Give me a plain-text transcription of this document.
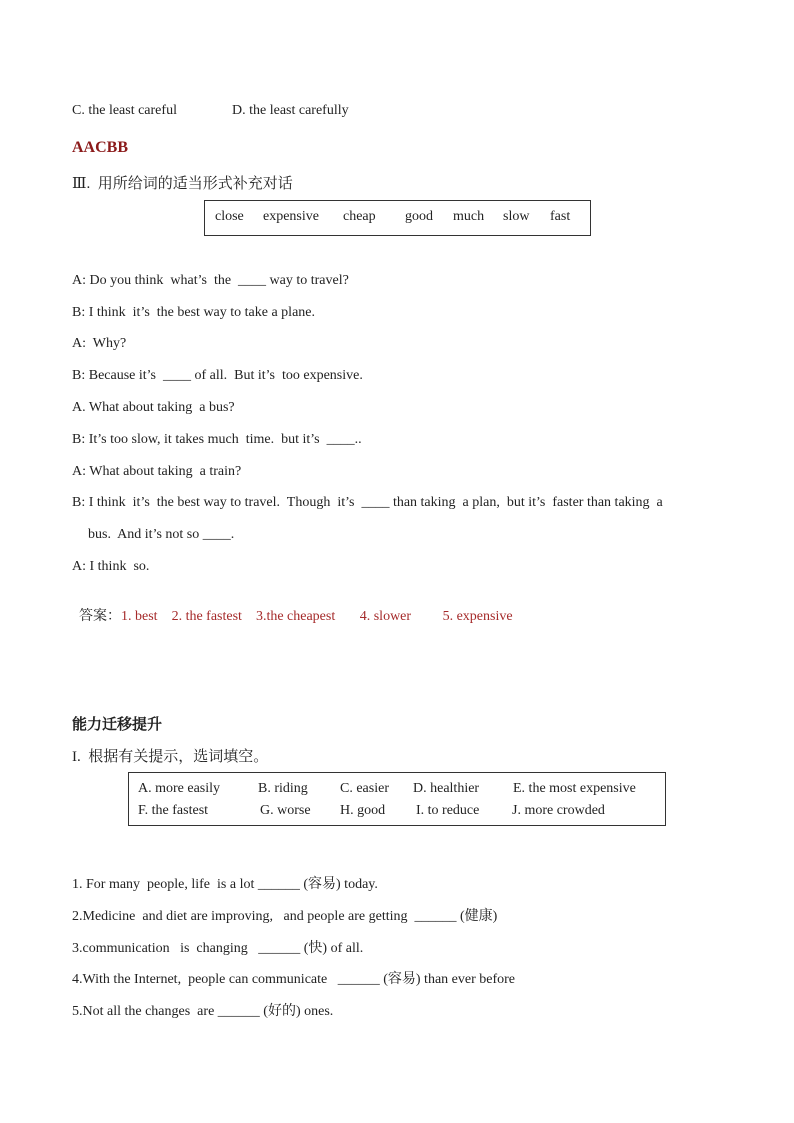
C. the least careful	D. the least carefully
AACBB
Ⅲ.  用所给词的适当形式补充对话
close expensive cheap good much slow fast
A: Do you think  what’s  the  ____ way to travel?
B: I think  it’s  the best way to take a plane.
A:  Why?
B: Because it’s  ____ of all.  But it’s  too expensive.
A. What about taking  a bus?
B: It’s too slow, it takes much  time.  but it’s  ____..
A: What about taking  a train?
B: I think  it’s  the best way to travel.  Though  it’s  ____ than taking  a plan,  but it’s  faster than taking  a
bus.  And it’s not so ____.
A: I think  so.

答案：1. best 2. the fastest 3.the cheapest 4. slower 5. expensive

能力迁移提升
I.  根据有关提示，选词填空。
A. more easily	B. riding C. easier D. healthier E. the most expensive
F. the fastest	G. worse H. good I. to reduce J. more crowded
1. For many  people, life  is a lot ______ (容易) today.
2.Medicine  and diet are improving,   and people are getting  ______ (健康)
3.communication   is  changing   ______ (快) of all.
4.With the Internet,  people can communicate   ______ (容易) than ever before
5.Not all the changes  are ______ (好的) ones.
